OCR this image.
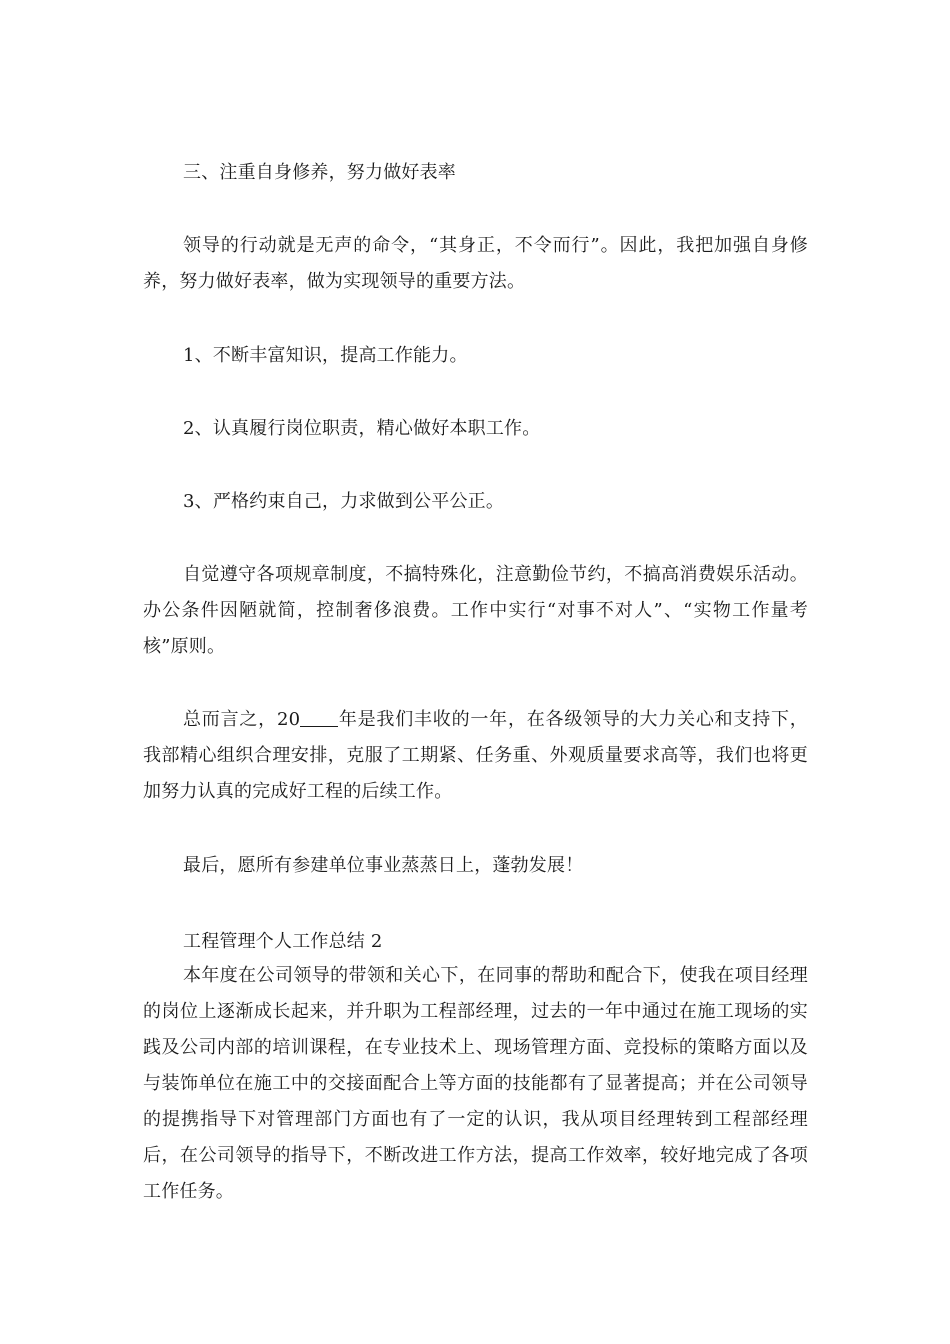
三、注重自身修养，努力做好表率

领导的行动就是无声的命令，“其身正，不令而行”。因此，我把加强自身修养，努力做好表率，做为实现领导的重要方法。

1、不断丰富知识，提高工作能力。

2、认真履行岗位职责，精心做好本职工作。

3、严格约束自己，力求做到公平公正。

自觉遵守各项规章制度，不搞特殊化，注意勤俭节约，不搞高消费娱乐活动。办公条件因陋就简，控制奢侈浪费。工作中实行“对事不对人”、“实物工作量考核”原则。

总而言之，20 年是我们丰收的一年，在各级领导的大力关心和支持下，我部精心组织合理安排，克服了工期紧、任务重、外观质量要求高等，我们也将更加努力认真的完成好工程的后续工作。

最后，愿所有参建单位事业蒸蒸日上，蓬勃发展！

工程管理个人工作总结 2

本年度在公司领导的带领和关心下，在同事的帮助和配合下，使我在项目经理的岗位上逐渐成长起来，并升职为工程部经理，过去的一年中通过在施工现场的实践及公司内部的培训课程，在专业技术上、现场管理方面、竞投标的策略方面以及与装饰单位在施工中的交接面配合上等方面的技能都有了显著提高；并在公司领导的提携指导下对管理部门方面也有了一定的认识，我从项目经理转到工程部经理后，在公司领导的指导下，不断改进工作方法，提高工作效率，较好地完成了各项工作任务。
